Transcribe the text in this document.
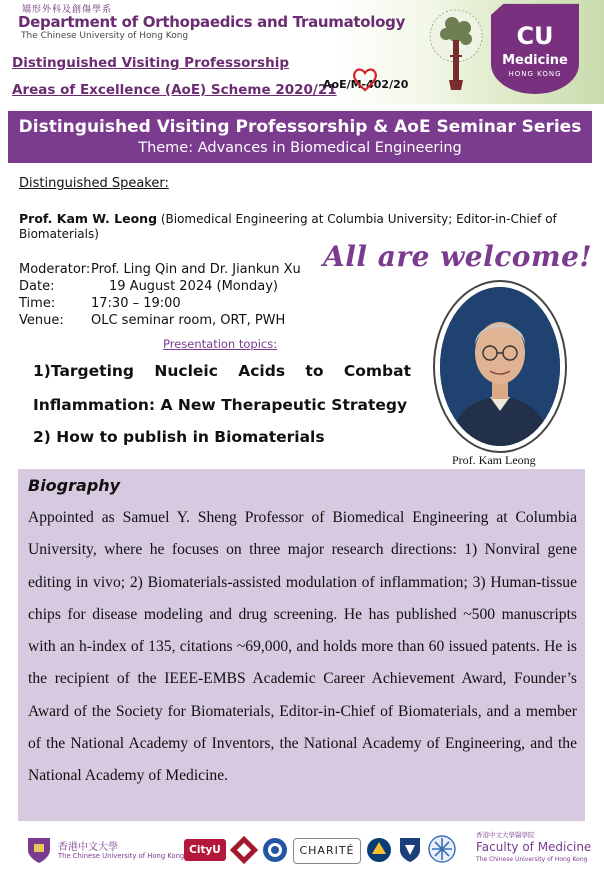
矯形外科及創傷學系
Department of Orthopaedics and Traumatology
The Chinese University of Hong Kong
Distinguished Visiting Professorship
Areas of Excellence (AoE) Scheme 2020/21
AoE/M-402/20
CU
Medicine
HONG KONG
Distinguished Visiting Professorship & AoE Seminar Series
Theme: Advances in Biomedical Engineering
Distinguished Speaker:
Prof. Kam W. Leong (Biomedical Engineering at Columbia University; Editor-in-Chief of Biomaterials)
All are welcome!
Moderator:Prof. Ling Qin and Dr. Jiankun Xu
Date:	19 August 2024 (Monday)
Time:	17:30 – 19:00
Venue: OLC seminar room, ORT, PWH
Presentation topics:
1)Targeting Nucleic Acids to Combat
Inflammation: A New Therapeutic Strategy
2) How to publish in Biomaterials
Prof. Kam Leong
Biography
Appointed as Samuel Y. Sheng Professor of Biomedical Engineering at Columbia University, where he focuses on three major research directions: 1) Nonviral gene editing in vivo; 2) Biomaterials-assisted modulation of inflammation; 3) Human-tissue chips for disease modeling and drug screening. He has published ~500 manuscripts with an h-index of 135, citations ~69,000, and holds more than 60 issued patents. He is the recipient of the IEEE-EMBS Academic Career Achievement Award, Founder’s Award of the Society for Biomaterials, Editor-in-Chief of Biomaterials, and a member of the National Academy of Inventors, the National Academy of Engineering, and the National Academy of Medicine.
香港中文大學
The Chinese University of Hong Kong CityU	CHARITÉ
香港中文大學醫學院
Faculty of Medicine
The Chinese University of Hong Kong
